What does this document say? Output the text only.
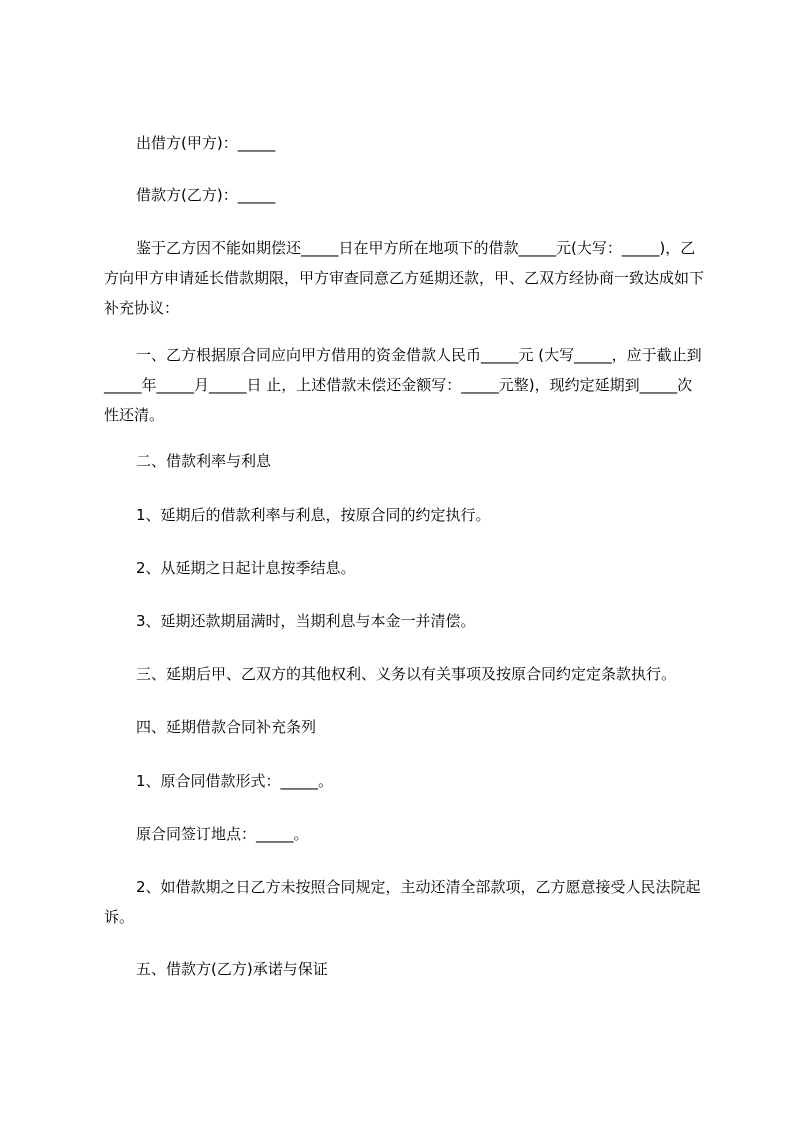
出借方(甲方)：_____

借款方(乙方)：_____

鉴于乙方因不能如期偿还_____日在甲方所在地项下的借款_____元(大写：_____)，乙方向甲方申请延长借款期限，甲方审查同意乙方延期还款，甲、乙双方经协商一致达成如下补充协议：

一、乙方根据原合同应向甲方借用的资金借款人民币_____元 (大写_____，应于截止到_____年_____月_____日 止，上述借款未偿还金额写：_____元整)，现约定延期到_____次性还清。

二、借款利率与利息

1、延期后的借款利率与利息，按原合同的约定执行。

2、从延期之日起计息按季结息。

3、延期还款期届满时，当期利息与本金一并清偿。

三、延期后甲、乙双方的其他权利、义务以有关事项及按原合同约定定条款执行。

四、延期借款合同补充条列

1、原合同借款形式：_____。

原合同签订地点：_____。

2、如借款期之日乙方未按照合同规定，主动还清全部款项，乙方愿意接受人民法院起诉。

五、借款方(乙方)承诺与保证
